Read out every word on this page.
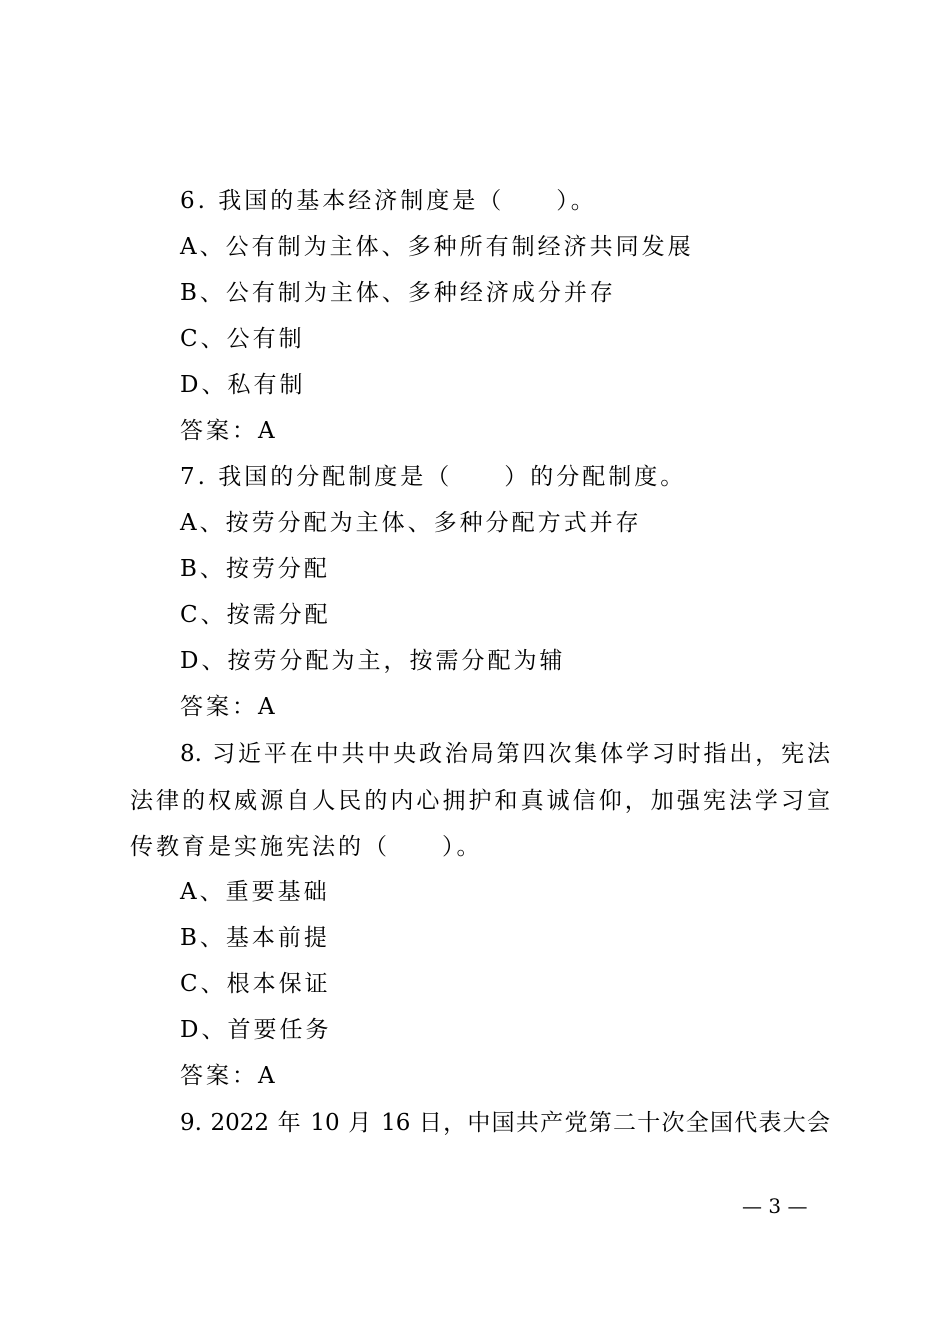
6. 我国的基本经济制度是（　　）。
A、公有制为主体、多种所有制经济共同发展
B、公有制为主体、多种经济成分并存
C、公有制
D、私有制
答案：A
7. 我国的分配制度是（　　）的分配制度。
A、按劳分配为主体、多种分配方式并存
B、按劳分配
C、按需分配
D、按劳分配为主，按需分配为辅
答案：A
8. 习近平在中共中央政治局第四次集体学习时指出，宪法
法律的权威源自人民的内心拥护和真诚信仰，加强宪法学习宣
传教育是实施宪法的（　　）。
A、重要基础
B、基本前提
C、根本保证
D、首要任务
答案：A
9. 2022 年 10 月 16 日，中国共产党第二十次全国代表大会
— 3 —
